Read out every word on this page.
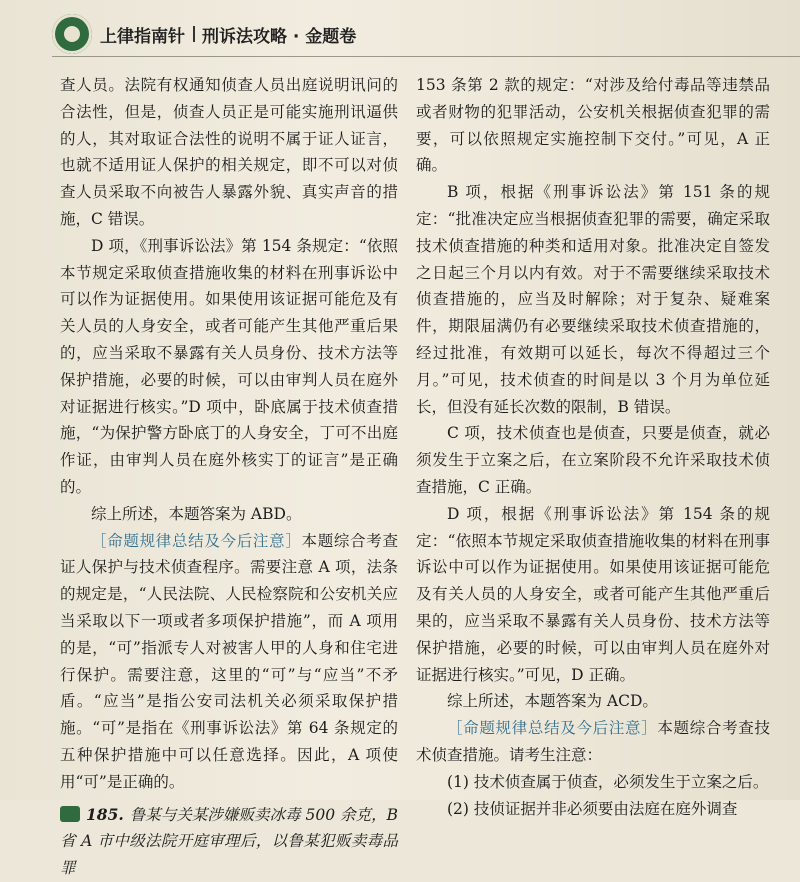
上律指南针 刑诉法攻略 · 金题卷

查人员。法院有权通知侦查人员出庭说明讯问的合法性，但是，侦查人员正是可能实施刑讯逼供的人，其对取证合法性的说明不属于证人证言，也就不适用证人保护的相关规定，即不可以对侦查人员采取不向被告人暴露外貌、真实声音的措施，C 错误。

D 项，《刑事诉讼法》第 154 条规定：“依照本节规定采取侦查措施收集的材料在刑事诉讼中可以作为证据使用。如果使用该证据可能危及有关人员的人身安全，或者可能产生其他严重后果的，应当采取不暴露有关人员身份、技术方法等保护措施，必要的时候，可以由审判人员在庭外对证据进行核实。”D 项中，卧底属于技术侦查措施，“为保护警方卧底丁的人身安全，丁可不出庭作证，由审判人员在庭外核实丁的证言”是正确的。

综上所述，本题答案为 ABD。

［命题规律总结及今后注意］本题综合考查证人保护与技术侦查程序。需要注意 A 项，法条的规定是，“人民法院、人民检察院和公安机关应当采取以下一项或者多项保护措施”，而 A 项用的是，“可”指派专人对被害人甲的人身和住宅进行保护。需要注意，这里的“可”与“应当”不矛盾。“应当”是指公安司法机关必须采取保护措施。“可”是指在《刑事诉讼法》第 64 条规定的五种保护措施中可以任意选择。因此，A 项使用“可”是正确的。

185. 鲁某与关某涉嫌贩卖冰毒 500 余克，B 省 A 市中级法院开庭审理后，以鲁某犯贩卖毒品罪

153 条第 2 款的规定：“对涉及给付毒品等违禁品或者财物的犯罪活动，公安机关根据侦查犯罪的需要，可以依照规定实施控制下交付。”可见，A 正确。

B 项，根据《刑事诉讼法》第 151 条的规定：“批准决定应当根据侦查犯罪的需要，确定采取技术侦查措施的种类和适用对象。批准决定自签发之日起三个月以内有效。对于不需要继续采取技术侦查措施的，应当及时解除；对于复杂、疑难案件，期限届满仍有必要继续采取技术侦查措施的，经过批准，有效期可以延长，每次不得超过三个月。”可见，技术侦查的时间是以 3 个月为单位延长，但没有延长次数的限制，B 错误。

C 项，技术侦查也是侦查，只要是侦查，就必须发生于立案之后，在立案阶段不允许采取技术侦查措施，C 正确。

D 项，根据《刑事诉讼法》第 154 条的规定：“依照本节规定采取侦查措施收集的材料在刑事诉讼中可以作为证据使用。如果使用该证据可能危及有关人员的人身安全，或者可能产生其他严重后果的，应当采取不暴露有关人员身份、技术方法等保护措施，必要的时候，可以由审判人员在庭外对证据进行核实。”可见，D 正确。

综上所述，本题答案为 ACD。

［命题规律总结及今后注意］本题综合考查技术侦查措施。请考生注意：

(1) 技术侦查属于侦查，必须发生于立案之后。

(2) 技侦证据并非必须要由法庭在庭外调查
